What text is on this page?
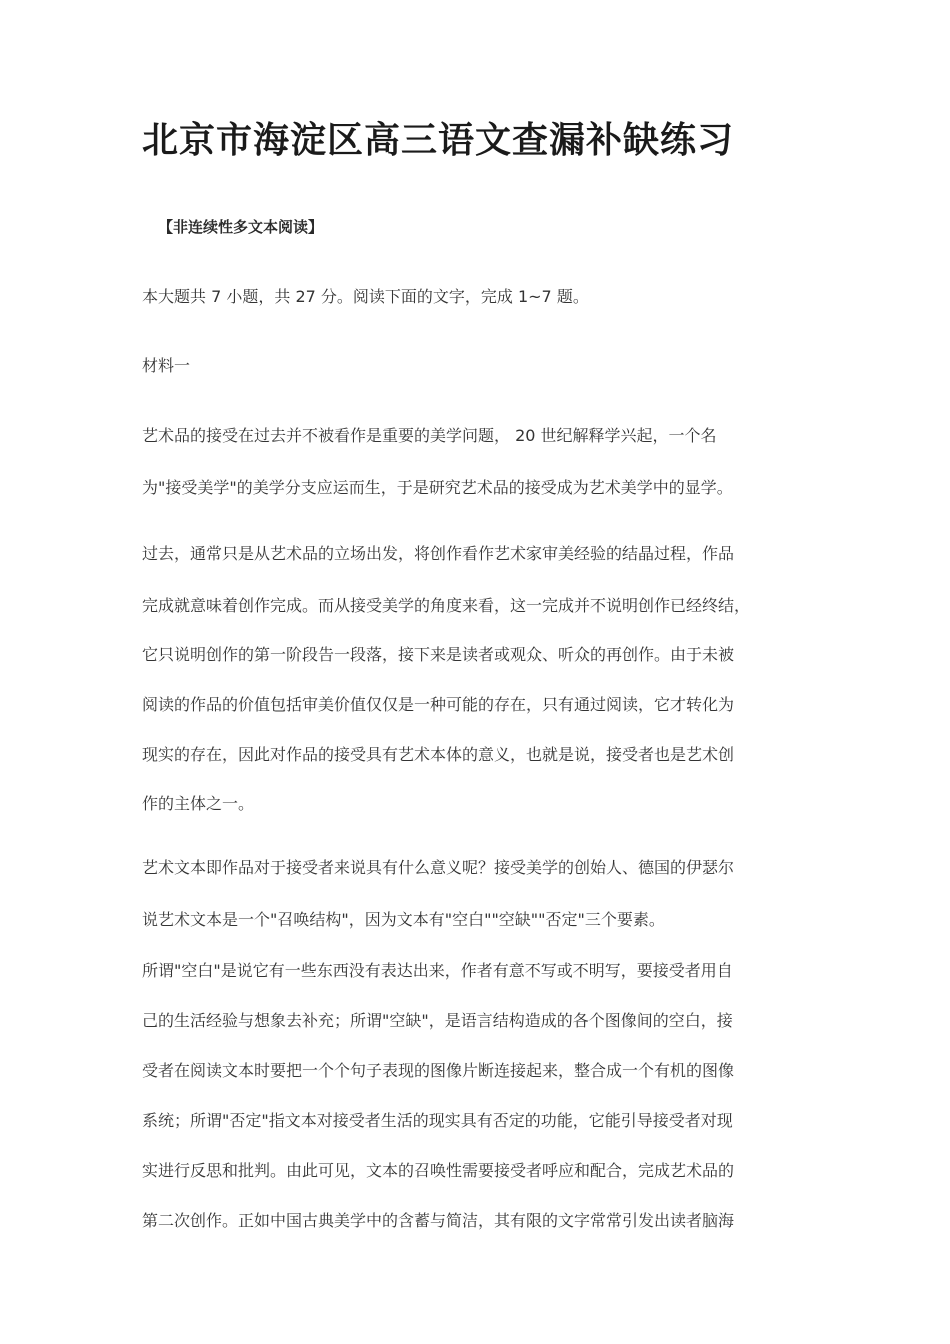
北京市海淀区高三语文查漏补缺练习

【非连续性多文本阅读】

本大题共 7 小题，共 27 分。阅读下面的文字，完成 1~7 题。

材料一

艺术品的接受在过去并不被看作是重要的美学问题， 20 世纪解释学兴起，一个名

为"接受美学"的美学分支应运而生，于是研究艺术品的接受成为艺术美学中的显学。

过去，通常只是从艺术品的立场出发，将创作看作艺术家审美经验的结晶过程，作品

完成就意味着创作完成。而从接受美学的角度来看，这一完成并不说明创作已经终结，

它只说明创作的第一阶段告一段落，接下来是读者或观众、听众的再创作。由于未被

阅读的作品的价值包括审美价值仅仅是一种可能的存在，只有通过阅读，它才转化为

现实的存在，因此对作品的接受具有艺术本体的意义，也就是说，接受者也是艺术创

作的主体之一。

艺术文本即作品对于接受者来说具有什么意义呢？接受美学的创始人、德国的伊瑟尔

说艺术文本是一个"召唤结构"，因为文本有"空白""空缺""否定"三个要素。

所谓"空白"是说它有一些东西没有表达出来，作者有意不写或不明写，要接受者用自

己的生活经验与想象去补充；所谓"空缺"，是语言结构造成的各个图像间的空白，接

受者在阅读文本时要把一个个句子表现的图像片断连接起来，整合成一个有机的图像

系统；所谓"否定"指文本对接受者生活的现实具有否定的功能，它能引导接受者对现

实进行反思和批判。由此可见，文本的召唤性需要接受者呼应和配合，完成艺术品的

第二次创作。正如中国古典美学中的含蓄与简洁，其有限的文字常常引发出读者脑海
